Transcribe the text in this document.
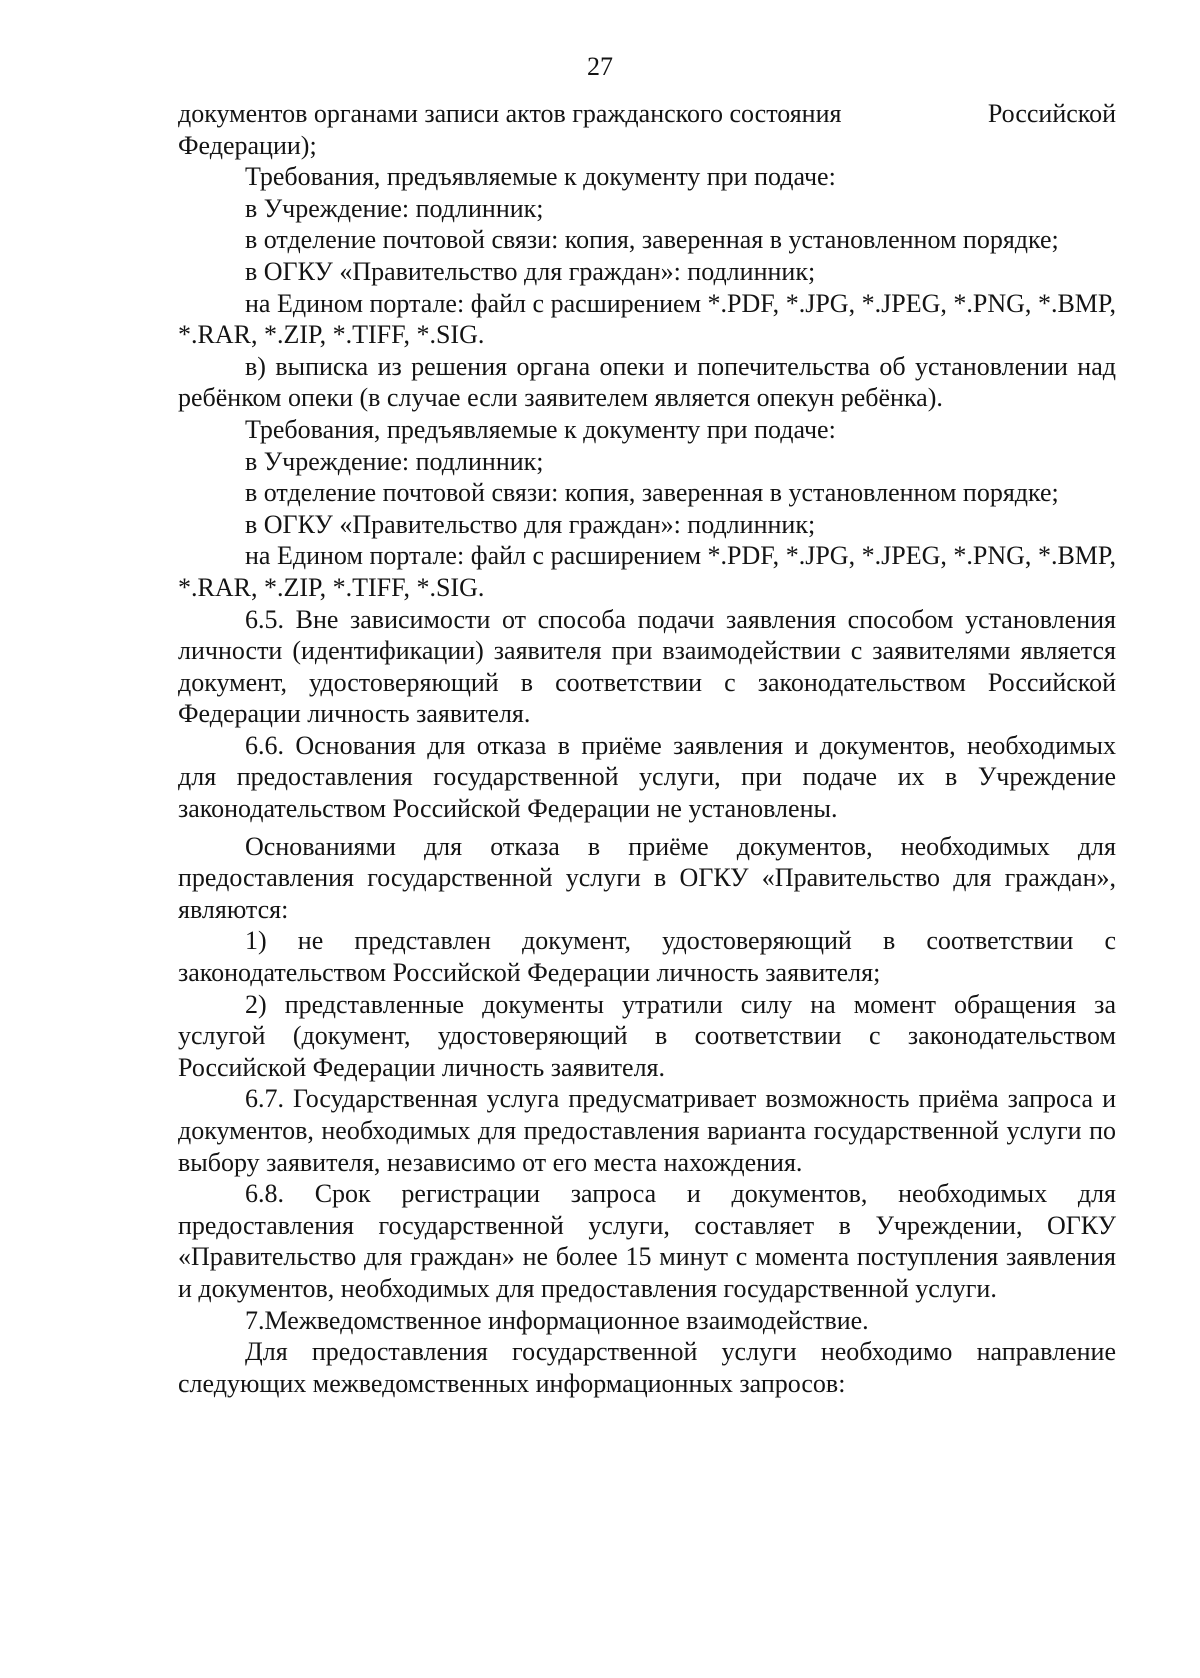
27
документов органами записи актов гражданского состояния	Российской

Федерации);

Требования, предъявляемые к документу при подаче:

в Учреждение: подлинник;

в отделение почтовой связи: копия, заверенная в установленном порядке;

в ОГКУ «Правительство для граждан»: подлинник;

на Едином портале: файл с расширением *.PDF, *.JPG, *.JPEG, *.PNG, *.BMP, *.RAR, *.ZIP, *.TIFF, *.SIG.

в) выписка из решения органа опеки и попечительства об установлении над ребёнком опеки (в случае если заявителем является опекун ребёнка).

Требования, предъявляемые к документу при подаче:

в Учреждение: подлинник;

в отделение почтовой связи: копия, заверенная в установленном порядке;

в ОГКУ «Правительство для граждан»: подлинник;

на Едином портале: файл с расширением *.PDF, *.JPG, *.JPEG, *.PNG, *.BMP, *.RAR, *.ZIP, *.TIFF, *.SIG.

6.5. Вне зависимости от способа подачи заявления способом установления личности (идентификации) заявителя при взаимодействии с заявителями является документ, удостоверяющий в соответствии с законодательством Российской Федерации личность заявителя.

6.6. Основания для отказа в приёме заявления и документов, необходимых для предоставления государственной услуги, при подаче их в Учреждение законодательством Российской Федерации не установлены.

Основаниями для отказа в приёме документов, необходимых для предоставления государственной услуги в ОГКУ «Правительство для граждан», являются:

1) не представлен документ, удостоверяющий в соответствии с законодательством Российской Федерации личность заявителя;

2) представленные документы утратили силу на момент обращения за услугой (документ, удостоверяющий в соответствии с законодательством Российской Федерации личность заявителя.

6.7. Государственная услуга предусматривает возможность приёма запроса и документов, необходимых для предоставления варианта государственной услуги по выбору заявителя, независимо от его места нахождения.

6.8. Срок регистрации запроса и документов, необходимых для предоставления государственной услуги, составляет в Учреждении, ОГКУ «Правительство для граждан» не более 15 минут с момента поступления заявления и документов, необходимых для предоставления государственной услуги.

7.Межведомственное информационное взаимодействие.

Для предоставления государственной услуги необходимо направление следующих межведомственных информационных запросов:
